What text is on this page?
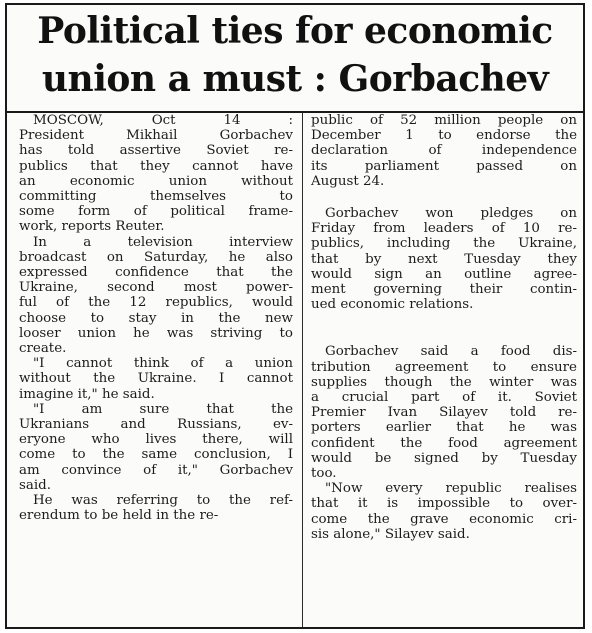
Political ties for economic
union a must : Gorbachev

MOSCOW, Oct 14 :
President Mikhail Gorbachev
has told assertive Soviet re-
publics that they cannot have
an economic union without
committing themselves to
some form of political frame-
work, reports Reuter.

In a television interview
broadcast on Saturday, he also
expressed confidence that the
Ukraine, second most power-
ful of the 12 republics, would
choose to stay in the new
looser union he was striving to
create.

"I cannot think of a union
without the Ukraine. I cannot
imagine it," he said.

"I am sure that the
Ukranians and Russians, ev-
eryone who lives there, will
come to the same conclusion, I
am convince of it," Gorbachev
said.

He was referring to the ref-
erendum to be held in the re-

public of 52 million people on
December 1 to endorse the
declaration of independence
its parliament passed on
August 24.

Gorbachev won pledges on
Friday from leaders of 10 re-
publics, including the Ukraine,
that by next Tuesday they
would sign an outline agree-
ment governing their contin-
ued economic relations.

Gorbachev said a food dis-
tribution agreement to ensure
supplies though the winter was
a crucial part of it. Soviet
Premier Ivan Silayev told re-
porters earlier that he was
confident the food agreement
would be signed by Tuesday
too.

"Now every republic realises
that it is impossible to over-
come the grave economic cri-
sis alone," Silayev said.
